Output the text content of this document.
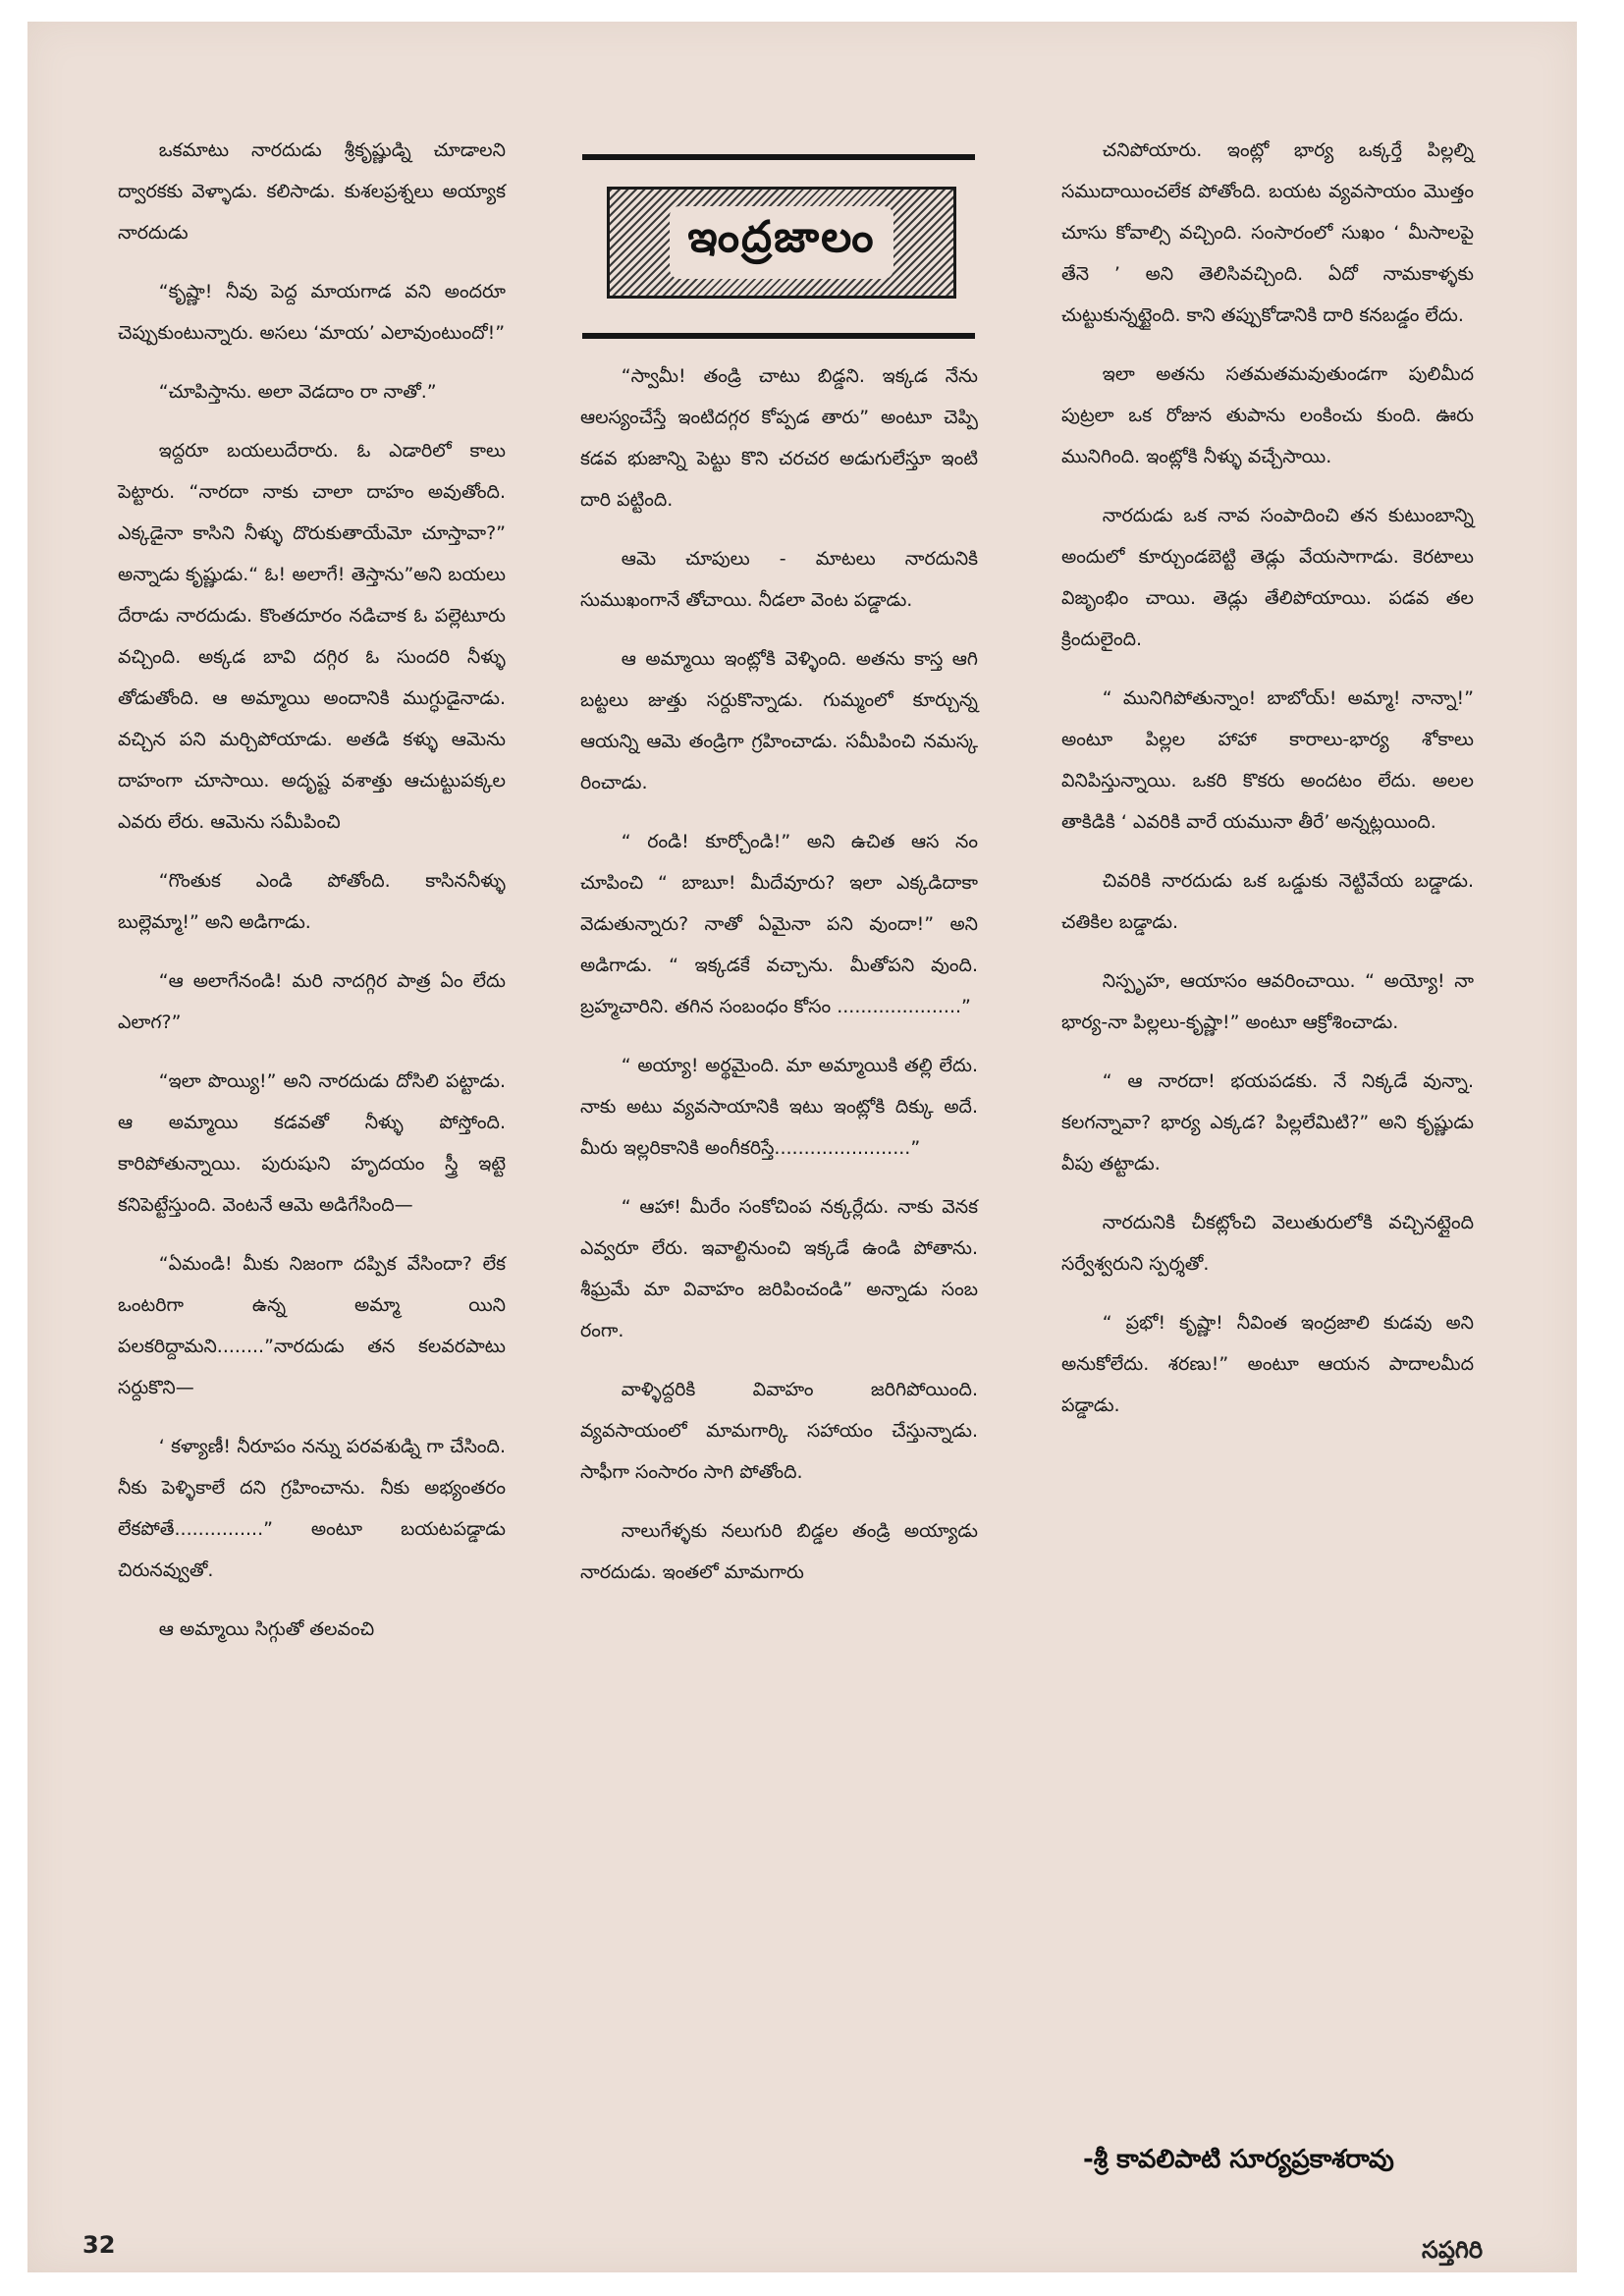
ఒకమాటు నారదుడు శ్రీకృష్ణుడ్ని చూడాలని ద్వారకకు వెళ్ళాడు. కలిసాడు. కుశలప్రశ్నలు అయ్యాక నారదుడు

“కృష్ణా! నీవు పెద్ద మాయగాడ వని అందరూ చెప్పుకుంటున్నారు. అసలు ‘మాయ’ ఎలావుంటుందో!”

“చూపిస్తాను. అలా వెడదాం రా నాతో.”

ఇద్దరూ బయలుదేరారు. ఓ ఎడారిలో కాలు పెట్టారు. “నారదా నాకు చాలా దాహం అవుతోంది. ఎక్కడైనా కాసిని నీళ్ళు దొరుకుతాయేమో చూస్తావా?” అన్నాడు కృష్ణుడు.“ ఓ! అలాగే! తెస్తాను”అని బయలు దేరాడు నారదుడు. కొంతదూరం నడిచాక ఓ పల్లెటూరు వచ్చింది. అక్కడ బావి దగ్గిర ఓ సుందరి నీళ్ళు తోడుతోంది. ఆ అమ్మాయి అందానికి ముగ్ధుడైనాడు. వచ్చిన పని మర్చిపోయాడు. అతడి కళ్ళు ఆమెను దాహంగా చూసాయి. అదృష్ట వశాత్తు ఆచుట్టుపక్కల ఎవరు లేరు. ఆమెను సమీపించి

“గొంతుక ఎండి పోతోంది. కాసిననీళ్ళు బుల్లెమ్మా!” అని అడిగాడు.

“ఆ అలాగేనండి! మరి నాదగ్గిర పాత్ర ఏం లేదు ఎలాగ?”

“ఇలా పొయ్యి!” అని నారదుడు దోసిలి పట్టాడు. ఆ అమ్మాయి కడవతో నీళ్ళు పోస్తోంది. కారిపోతున్నాయి. పురుషుని హృదయం స్త్రీ ఇట్టె కనిపెట్టేస్తుంది. వెంటనే ఆమె అడిగేసింది—

“ఏమండి! మీకు నిజంగా దప్పిక వేసిందా? లేక ఒంటరిగా ఉన్న అమ్మా యిని పలకరిద్దామని........”నారదుడు తన కలవరపాటు సర్దుకొని—

‘ కళ్యాణీ! నీరూపం నన్ను పరవశుడ్ని గా చేసింది. నీకు పెళ్ళికాలే దని గ్రహించాను. నీకు అభ్యంతరం లేకపోతే...............” అంటూ బయటపడ్డాడు చిరునవ్వుతో.

ఆ అమ్మాయి సిగ్గుతో తలవంచి

ఇంద్రజాలం

“స్వామీ! తండ్రి చాటు బిడ్డని. ఇక్కడ నేను ఆలస్యంచేస్తే ఇంటిదగ్గర కోప్పడ తారు” అంటూ చెప్పి కడవ భుజాన్ని పెట్టు కొని చరచర అడుగులేస్తూ ఇంటి దారి పట్టింది.

ఆమె చూపులు - మాటలు నారదునికి సుముఖంగానే తోచాయి. నీడలా వెంట పడ్డాడు.

ఆ అమ్మాయి ఇంట్లోకి వెళ్ళింది. అతను కాస్త ఆగి బట్టలు జుత్తు సర్దుకొన్నాడు. గుమ్మంలో కూర్చున్న ఆయన్ని ఆమె తండ్రిగా గ్రహించాడు. సమీపించి నమస్క రించాడు.

“ రండి! కూర్చోండి!” అని ఉచిత ఆస నం చూపించి “ బాబూ! మీదేవూరు? ఇలా ఎక్కడిదాకా వెడుతున్నారు? నాతో ఏమైనా పని వుందా!” అని అడిగాడు. “ ఇక్కడకే వచ్చాను. మీతోపని వుంది. బ్రహ్మచారిని. తగిన సంబంధం కోసం .....................”

“ అయ్యా! అర్థమైంది. మా అమ్మాయికి తల్లి లేదు. నాకు అటు వ్యవసాయానికి ఇటు ఇంట్లోకి దిక్కు అదే. మీరు ఇల్లరికానికి అంగీకరిస్తే.......................”

“ ఆహా! మీరేం సంకోచింప నక్కర్లేదు. నాకు వెనక ఎవ్వరూ లేరు. ఇవాల్టినుంచి ఇక్కడే ఉండి పోతాను. శీఘ్రమే మా వివాహం జరిపించండి” అన్నాడు సంబ రంగా.

వాళ్ళిద్దరికి వివాహం జరిగిపోయింది. వ్యవసాయంలో మామగార్కి సహాయం చేస్తున్నాడు. సాఫీగా సంసారం సాగి పోతోంది.

నాలుగేళ్ళకు నలుగురి బిడ్డల తండ్రి అయ్యాడు నారదుడు. ఇంతలో మామగారు

చనిపోయారు. ఇంట్లో భార్య ఒక్కర్తే పిల్లల్ని సముదాయించలేక పోతోంది. బయట వ్యవసాయం మొత్తం చూసు కోవాల్సి వచ్చింది. సంసారంలో సుఖం ‘ మీసాలపై తేనె ’ అని తెలిసివచ్చింది. ఏదో నామకాళ్ళకు చుట్టుకున్నట్టైంది. కాని తప్పుకోడానికి దారి కనబడ్డం లేదు.

ఇలా అతను సతమతమవుతుండగా పులిమీద పుట్రలా ఒక రోజున తుపాను లంకించు కుంది. ఊరు మునిగింది. ఇంట్లోకి నీళ్ళు వచ్చేసాయి.

నారదుడు ఒక నావ సంపాదించి తన కుటుంబాన్ని అందులో కూర్చుండబెట్టి తెడ్లు వేయసాగాడు. కెరటాలు విజృంభిం చాయి. తెడ్లు తేలిపోయాయి. పడవ తల క్రిందులైంది.

“ మునిగిపోతున్నాం! బాబోయ్! అమ్మా! నాన్నా!” అంటూ పిల్లల హాహా కారాలు-భార్య శోకాలు వినిపిస్తున్నాయి. ఒకరి కొకరు అందటం లేదు. అలల తాకిడికి ‘ ఎవరికి వారే యమునా తీరే’ అన్నట్లయింది.

చివరికి నారదుడు ఒక ఒడ్డుకు నెట్టివేయ బడ్డాడు. చతికిల బడ్డాడు.

నిస్పృహ, ఆయాసం ఆవరించాయి. “ అయ్యో! నా భార్య-నా పిల్లలు-కృష్ణా!” అంటూ ఆక్రోశించాడు.

“ ఆ నారదా! భయపడకు. నే నిక్కడే వున్నా. కలగన్నావా? భార్య ఎక్కడ? పిల్లలేమిటి?” అని కృష్ణుడు వీపు తట్టాడు.

నారదునికి చీకట్లోంచి వెలుతురులోకి వచ్చినట్లైంది సర్వేశ్వరుని స్పర్శతో.

“ ప్రభో! కృష్ణా! నీవింత ఇంద్రజాలి కుడవు అని అనుకోలేదు. శరణు!” అంటూ ఆయన పాదాలమీద పడ్డాడు.

-శ్రీ కావలిపాటి సూర్యప్రకాశరావు
32	సప్తగిరి
